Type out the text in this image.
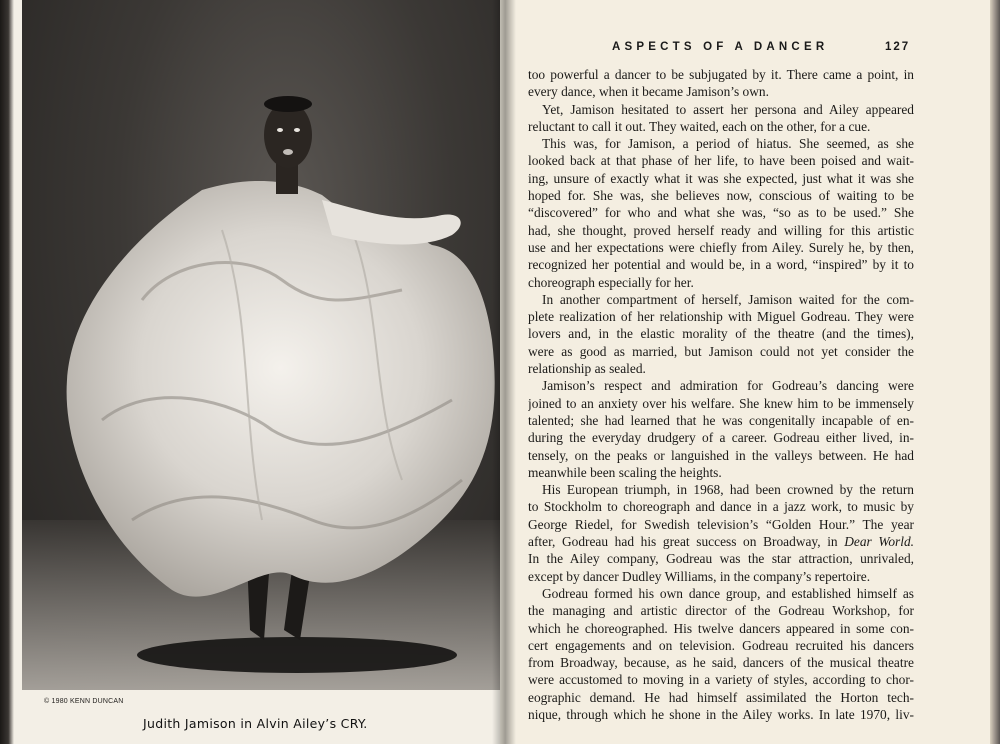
© 1980 KENN DUNCAN
Judith Jamison in Alvin Ailey’s CRY.
ASPECTS OF A DANCER	127
too powerful a dancer to be subjugated by it. There came a point, in
every dance, when it became Jamison’s own.
Yet, Jamison hesitated to assert her persona and Ailey appeared
reluctant to call it out. They waited, each on the other, for a cue.
This was, for Jamison, a period of hiatus. She seemed, as she
looked back at that phase of her life, to have been poised and wait-
ing, unsure of exactly what it was she expected, just what it was she
hoped for. She was, she believes now, conscious of waiting to be
“discovered” for who and what she was, “so as to be used.” She
had, she thought, proved herself ready and willing for this artistic
use and her expectations were chiefly from Ailey. Surely he, by then,
recognized her potential and would be, in a word, “inspired” by it to
choreograph especially for her.
In another compartment of herself, Jamison waited for the com-
plete realization of her relationship with Miguel Godreau. They were
lovers and, in the elastic morality of the theatre (and the times),
were as good as married, but Jamison could not yet consider the
relationship as sealed.
Jamison’s respect and admiration for Godreau’s dancing were
joined to an anxiety over his welfare. She knew him to be immensely
talented; she had learned that he was congenitally incapable of en-
during the everyday drudgery of a career. Godreau either lived, in-
tensely, on the peaks or languished in the valleys between. He had
meanwhile been scaling the heights.
His European triumph, in 1968, had been crowned by the return
to Stockholm to choreograph and dance in a jazz work, to music by
George Riedel, for Swedish television’s “Golden Hour.” The year
after, Godreau had his great success on Broadway, in Dear World.
In the Ailey company, Godreau was the star attraction, unrivaled,
except by dancer Dudley Williams, in the company’s repertoire.
Godreau formed his own dance group, and established himself as
the managing and artistic director of the Godreau Workshop, for
which he choreographed. His twelve dancers appeared in some con-
cert engagements and on television. Godreau recruited his dancers
from Broadway, because, as he said, dancers of the musical theatre
were accustomed to moving in a variety of styles, according to chor-
eographic demand. He had himself assimilated the Horton tech-
nique, through which he shone in the Ailey works. In late 1970, liv-
